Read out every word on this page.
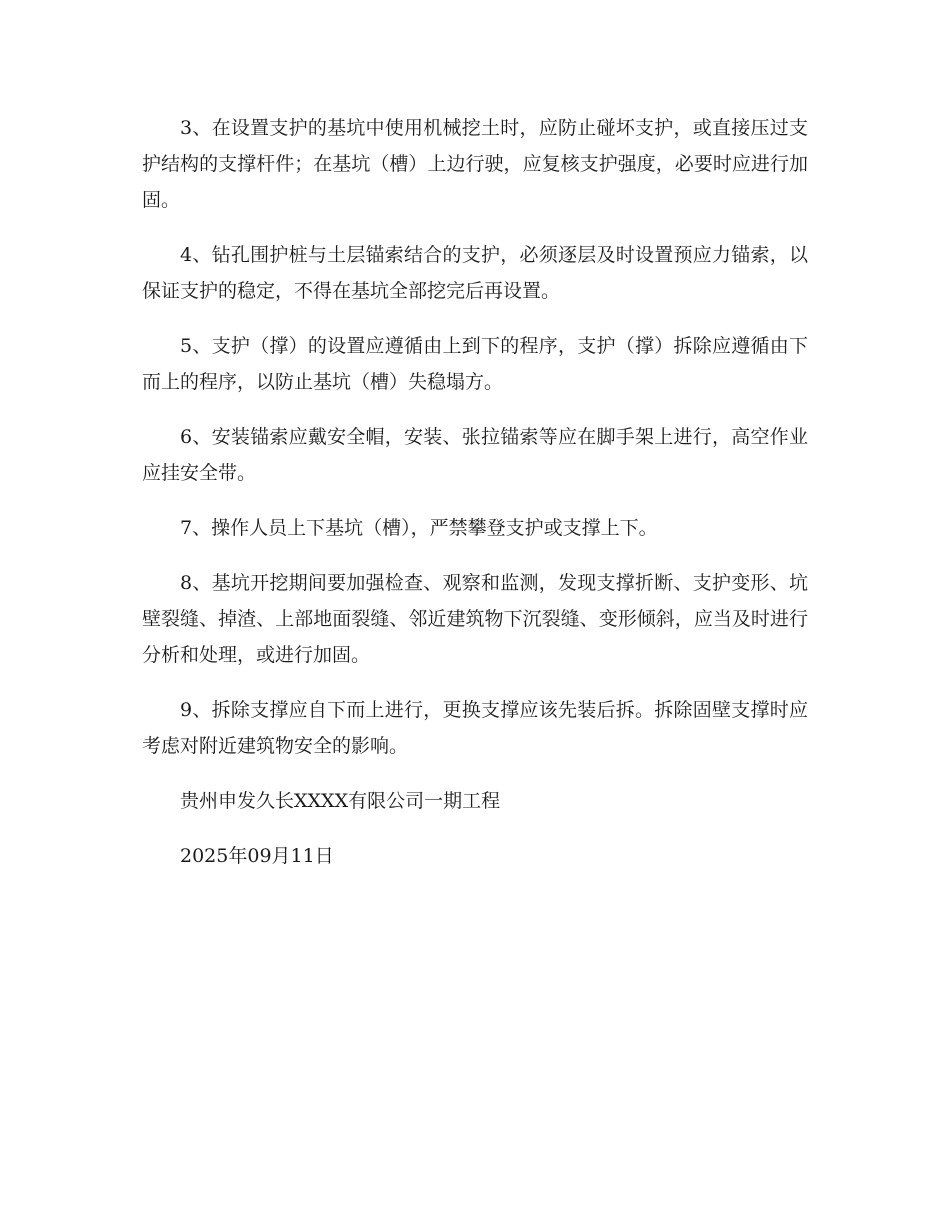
3、在设置支护的基坑中使用机械挖土时，应防止碰坏支护，或直接压过支护结构的支撑杆件；在基坑（槽）上边行驶，应复核支护强度，必要时应进行加固。

4、钻孔围护桩与土层锚索结合的支护，必须逐层及时设置预应力锚索，以保证支护的稳定，不得在基坑全部挖完后再设置。

5、支护（撑）的设置应遵循由上到下的程序，支护（撑）拆除应遵循由下而上的程序，以防止基坑（槽）失稳塌方。

6、安装锚索应戴安全帽，安装、张拉锚索等应在脚手架上进行，高空作业应挂安全带。

7、操作人员上下基坑（槽），严禁攀登支护或支撑上下。

8、基坑开挖期间要加强检查、观察和监测，发现支撑折断、支护变形、坑壁裂缝、掉渣、上部地面裂缝、邻近建筑物下沉裂缝、变形倾斜，应当及时进行分析和处理，或进行加固。

9、拆除支撑应自下而上进行，更换支撑应该先装后拆。拆除固壁支撑时应考虑对附近建筑物安全的影响。

贵州申发久长XXXX有限公司一期工程

2025年09月11日
